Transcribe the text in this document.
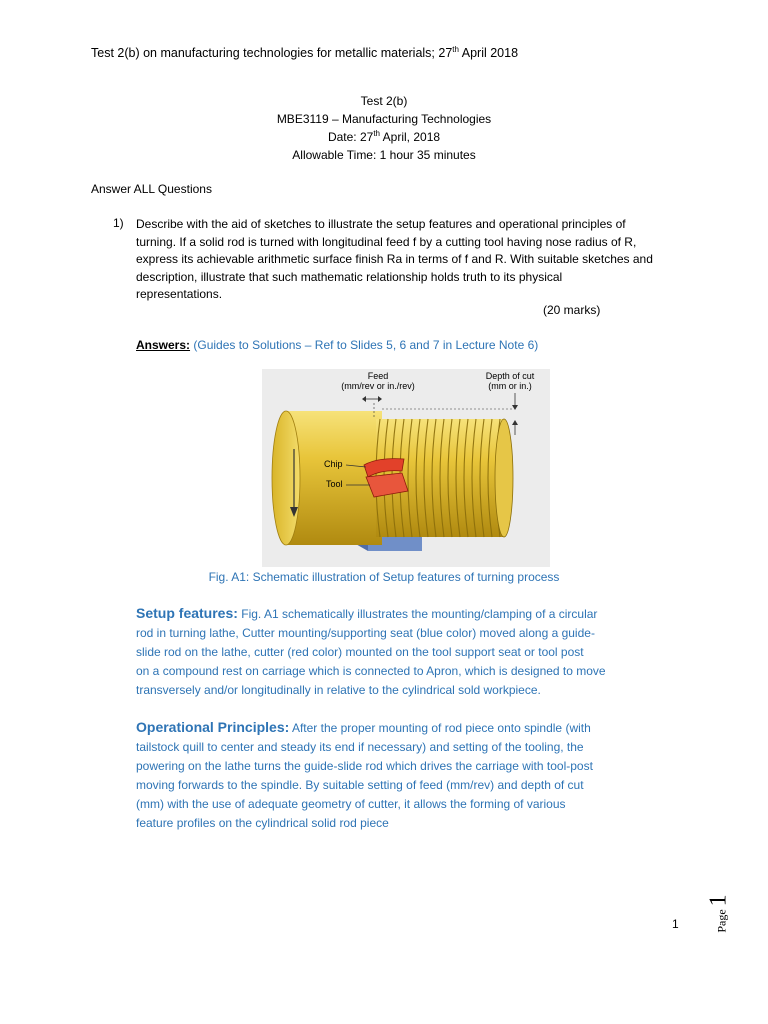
Test 2(b) on manufacturing technologies for metallic materials; 27th April 2018
Test 2(b)
MBE3119 – Manufacturing Technologies
Date: 27th April, 2018
Allowable Time: 1 hour 35 minutes
Answer ALL Questions
1) Describe with the aid of sketches to illustrate the setup features and operational principles of
turning. If a solid rod is turned with longitudinal feed f by a cutting tool having nose radius of R,
express its achievable arithmetic surface finish Ra in terms of f and R. With suitable sketches and
description, illustrate that such mathematic relationship holds truth to its physical
representations.
(20 marks)
Answers: (Guides to Solutions – Ref to Slides 5, 6 and 7 in Lecture Note 6)
Feed
(mm/rev or in./rev)
Depth of cut
(mm or in.)
Chip
Tool
Fig. A1: Schematic illustration of Setup features of turning process
Setup features: Fig. A1 schematically illustrates the mounting/clamping of a circular
rod in turning lathe, Cutter mounting/supporting seat (blue color) moved along a guide-
slide rod on the lathe, cutter (red color) mounted on the tool support seat or tool post
on a compound rest on carriage which is connected to Apron, which is designed to move
transversely and/or longitudinally in relative to the cylindrical sold workpiece.
Operational Principles: After the proper mounting of rod piece onto spindle (with
tailstock quill to center and steady its end if necessary) and setting of the tooling, the
powering on the lathe turns the guide-slide rod which drives the carriage with tool-post
moving forwards to the spindle. By suitable setting of feed (mm/rev) and depth of cut
(mm) with the use of adequate geometry of cutter, it allows the forming of various
feature profiles on the cylindrical solid rod piece
Page 1
1
